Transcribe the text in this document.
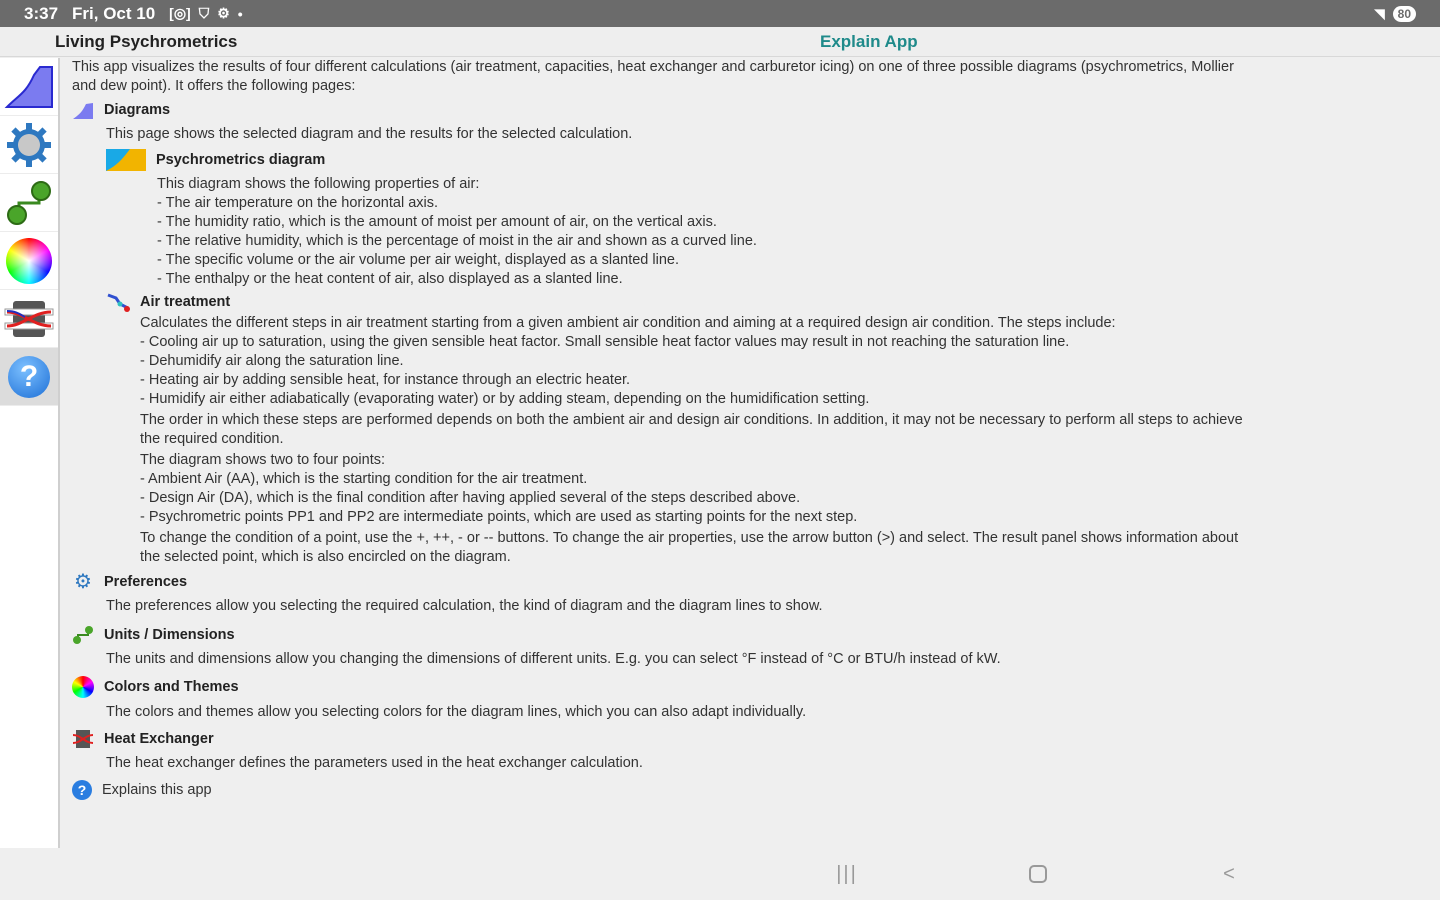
3:37 Fri, Oct 10 [◎] ⛉ ⚙ •	◥	80
Living Psychrometrics	Explain App
?

This app visualizes the results of four different calculations (air treatment, capacities, heat exchanger and carburetor icing) on one of three possible diagrams (psychrometrics, Mollier

and dew point). It offers the following pages:

Diagrams

This page shows the selected diagram and the results for the selected calculation.

Psychrometrics diagram

This diagram shows the following properties of air:

- The air temperature on the horizontal axis.

- The humidity ratio, which is the amount of moist per amount of air, on the vertical axis.

- The relative humidity, which is the percentage of moist in the air and shown as a curved line.

- The specific volume or the air volume per air weight, displayed as a slanted line.

- The enthalpy or the heat content of air, also displayed as a slanted line.

Air treatment

Calculates the different steps in air treatment starting from a given ambient air condition and aiming at a required design air condition. The steps include:

- Cooling air up to saturation, using the given sensible heat factor. Small sensible heat factor values may result in not reaching the saturation line.

- Dehumidify air along the saturation line.

- Heating air by adding sensible heat, for instance through an electric heater.

- Humidify air either adiabatically (evaporating water) or by adding steam, depending on the humidification setting.

The order in which these steps are performed depends on both the ambient air and design air conditions. In addition, it may not be necessary to perform all steps to achieve

the required condition.

The diagram shows two to four points:

- Ambient Air (AA), which is the starting condition for the air treatment.

- Design Air (DA), which is the final condition after having applied several of the steps described above.

- Psychrometric points PP1 and PP2 are intermediate points, which are used as starting points for the next step.

To change the condition of a point, use the +, ++, - or -- buttons. To change the air properties, use the arrow button (>) and select. The result panel shows information about

the selected point, which is also encircled on the diagram.

⚙ Preferences

The preferences allow you selecting the required calculation, the kind of diagram and the diagram lines to show.

Units / Dimensions

The units and dimensions allow you changing the dimensions of different units. E.g. you can select °F instead of °C or BTU/h instead of kW.

Colors and Themes

The colors and themes allow you selecting colors for the diagram lines, which you can also adapt individually.

Heat Exchanger

The heat exchanger defines the parameters used in the heat exchanger calculation.

?	Explains this app
|||	<
